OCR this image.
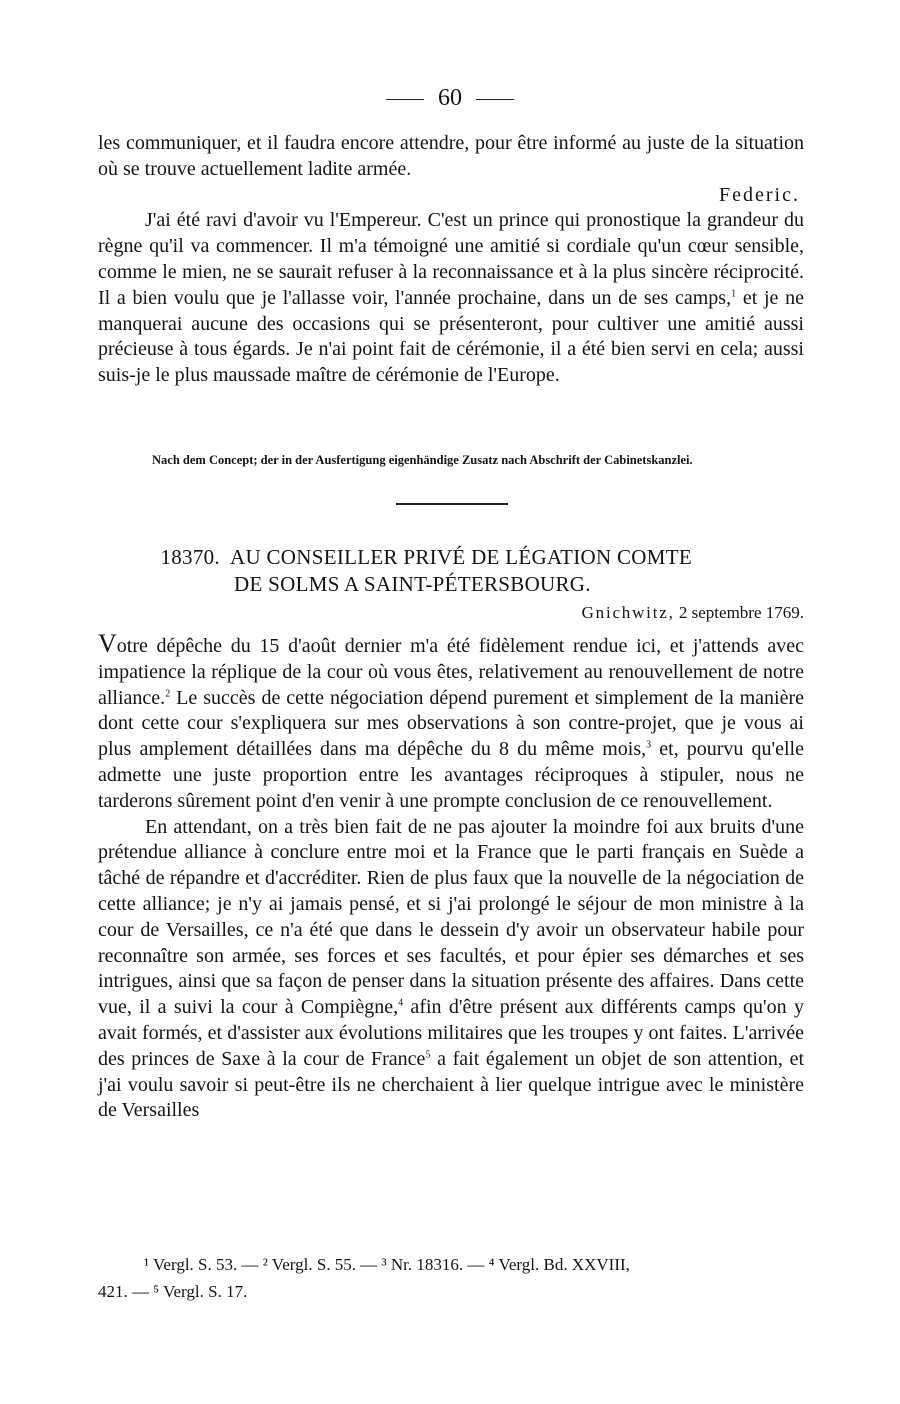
60

les communiquer, et il faudra encore attendre, pour être informé au juste de la situation où se trouve actuellement ladite armée.

Federic.

J'ai été ravi d'avoir vu l'Empereur. C'est un prince qui pronostique la grandeur du règne qu'il va commencer. Il m'a témoigné une amitié si cordiale qu'un cœur sensible, comme le mien, ne se saurait refuser à la reconnaissance et à la plus sincère réciprocité. Il a bien voulu que je l'allasse voir, l'année prochaine, dans un de ses camps,$^1$ et je ne manquerai aucune des occasions qui se présenteront, pour cultiver une amitié aussi précieuse à tous égards. Je n'ai point fait de cérémonie, il a été bien servi en cela; aussi suis-je le plus maussade maître de cérémonie de l'Europe.

Nach dem Concept; der in der Ausfertigung eigenhändige Zusatz nach Abschrift der Cabinetskanzlei.
18370. AU CONSEILLER PRIVÉ DE LÉGATION COMTE
DE SOLMS A SAINT-PÉTERSBOURG.
Gnichwitz, 2 septembre 1769.

Votre dépêche du 15 d'août dernier m'a été fidèlement rendue ici, et j'attends avec impatience la réplique de la cour où vous êtes, relativement au renouvellement de notre alliance.$^2$ Le succès de cette négociation dépend purement et simplement de la manière dont cette cour s'expliquera sur mes observations à son contre-projet, que je vous ai plus amplement détaillées dans ma dépêche du 8 du même mois,$^3$ et, pourvu qu'elle admette une juste proportion entre les avantages réciproques à stipuler, nous ne tarderons sûrement point d'en venir à une prompte conclusion de ce renouvellement.

En attendant, on a très bien fait de ne pas ajouter la moindre foi aux bruits d'une prétendue alliance à conclure entre moi et la France que le parti français en Suède a tâché de répandre et d'accréditer. Rien de plus faux que la nouvelle de la négociation de cette alliance; je n'y ai jamais pensé, et si j'ai prolongé le séjour de mon ministre à la cour de Versailles, ce n'a été que dans le dessein d'y avoir un observateur habile pour reconnaître son armée, ses forces et ses facultés, et pour épier ses démarches et ses intrigues, ainsi que sa façon de penser dans la situation présente des affaires. Dans cette vue, il a suivi la cour à Compiègne,$^4$ afin d'être présent aux différents camps qu'on y avait formés, et d'assister aux évolutions militaires que les troupes y ont faites. L'arrivée des princes de Saxe à la cour de France$^5$ a fait également un objet de son attention, et j'ai voulu savoir si peut-être ils ne cherchaient à lier quelque intrigue avec le ministère de Versailles

¹ Vergl. S. 53. — ² Vergl. S. 55. — ³ Nr. 18316. — ⁴ Vergl. Bd. XXVIII,

421. — ⁵ Vergl. S. 17.
